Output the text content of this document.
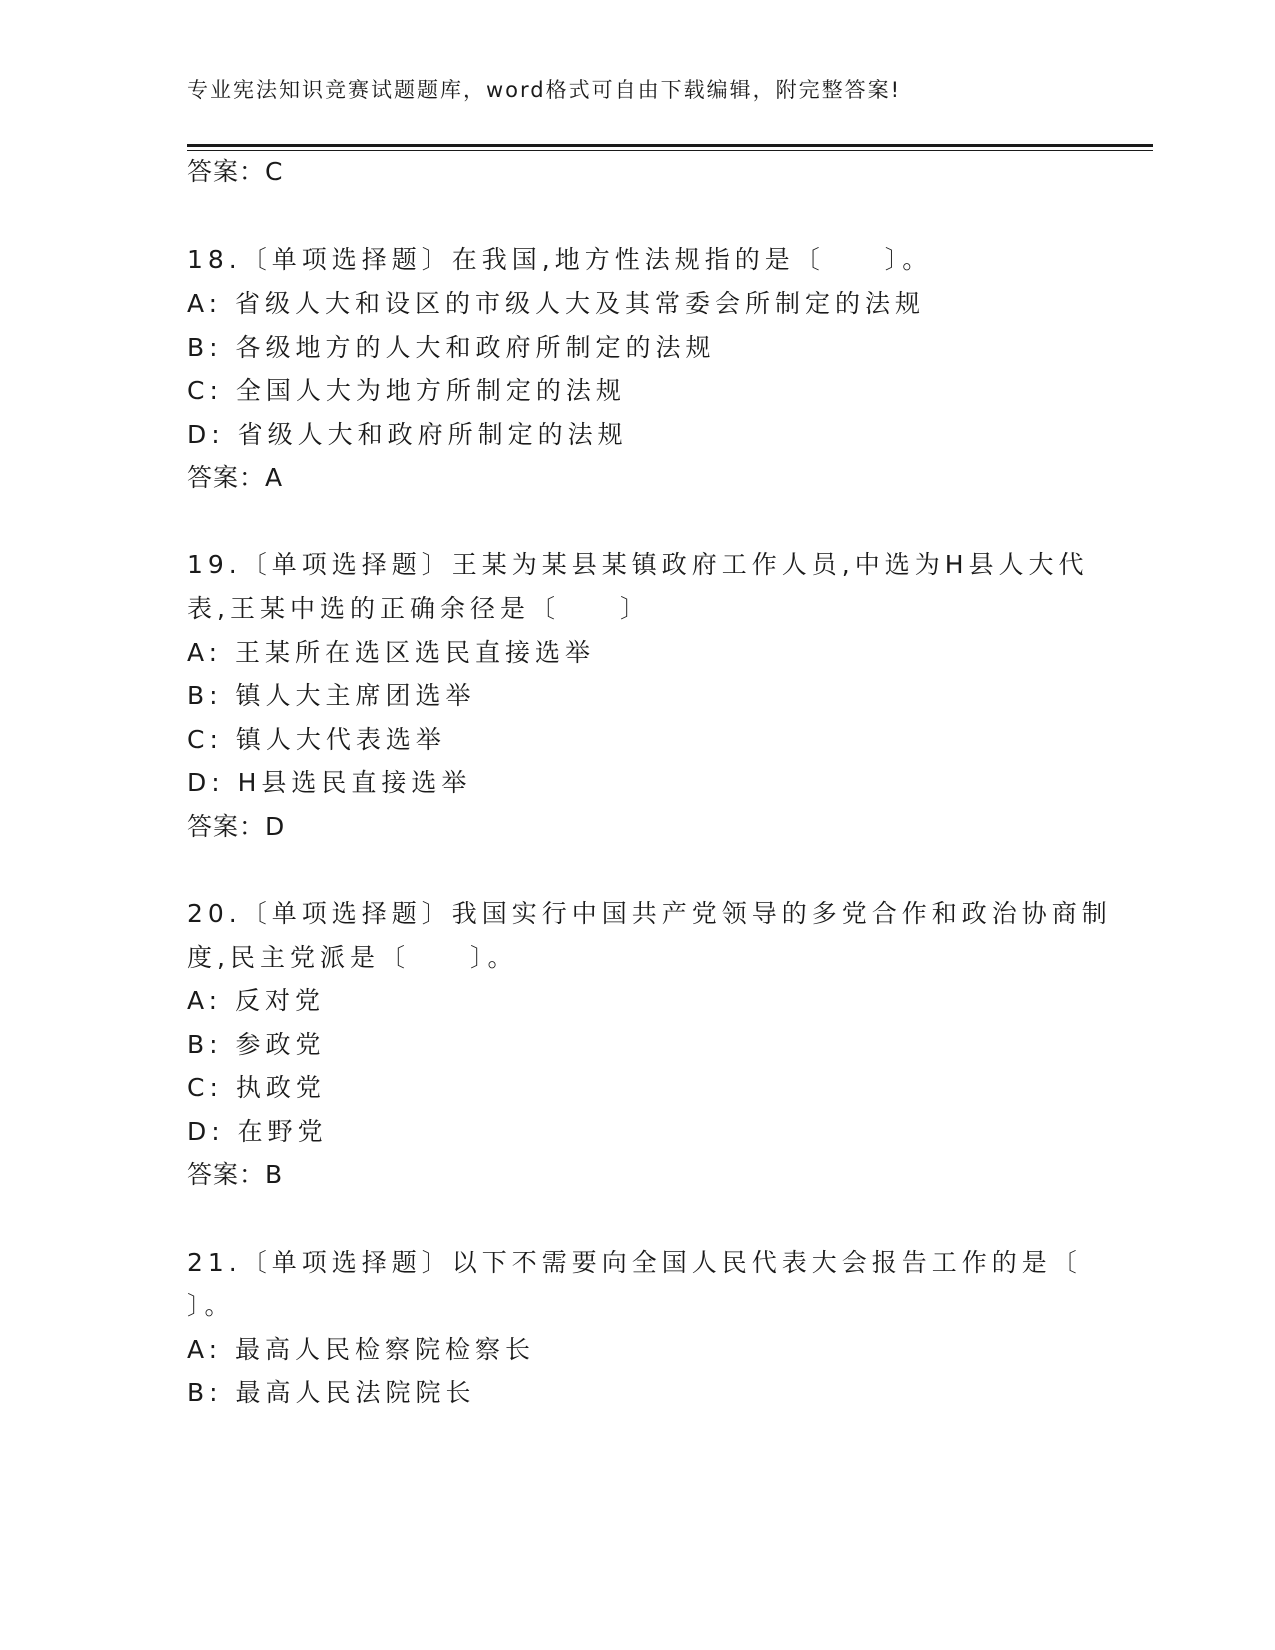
专业宪法知识竞赛试题题库，word格式可自由下载编辑，附完整答案!
答案：C
18.〔单项选择题〕在我国,地方性法规指的是〔　　〕。
A: 省级人大和设区的市级人大及其常委会所制定的法规
B: 各级地方的人大和政府所制定的法规
C: 全国人大为地方所制定的法规
D: 省级人大和政府所制定的法规
答案：A
19.〔单项选择题〕王某为某县某镇政府工作人员,中选为H县人大代
表,王某中选的正确余径是〔　　〕
A: 王某所在选区选民直接选举
B: 镇人大主席团选举
C: 镇人大代表选举
D: H县选民直接选举
答案：D
20.〔单项选择题〕我国实行中国共产党领导的多党合作和政治协商制
度,民主党派是〔　　〕。
A: 反对党
B: 参政党
C: 执政党
D: 在野党
答案：B
21.〔单项选择题〕以下不需要向全国人民代表大会报告工作的是〔
〕。
A: 最高人民检察院检察长
B: 最高人民法院院长
